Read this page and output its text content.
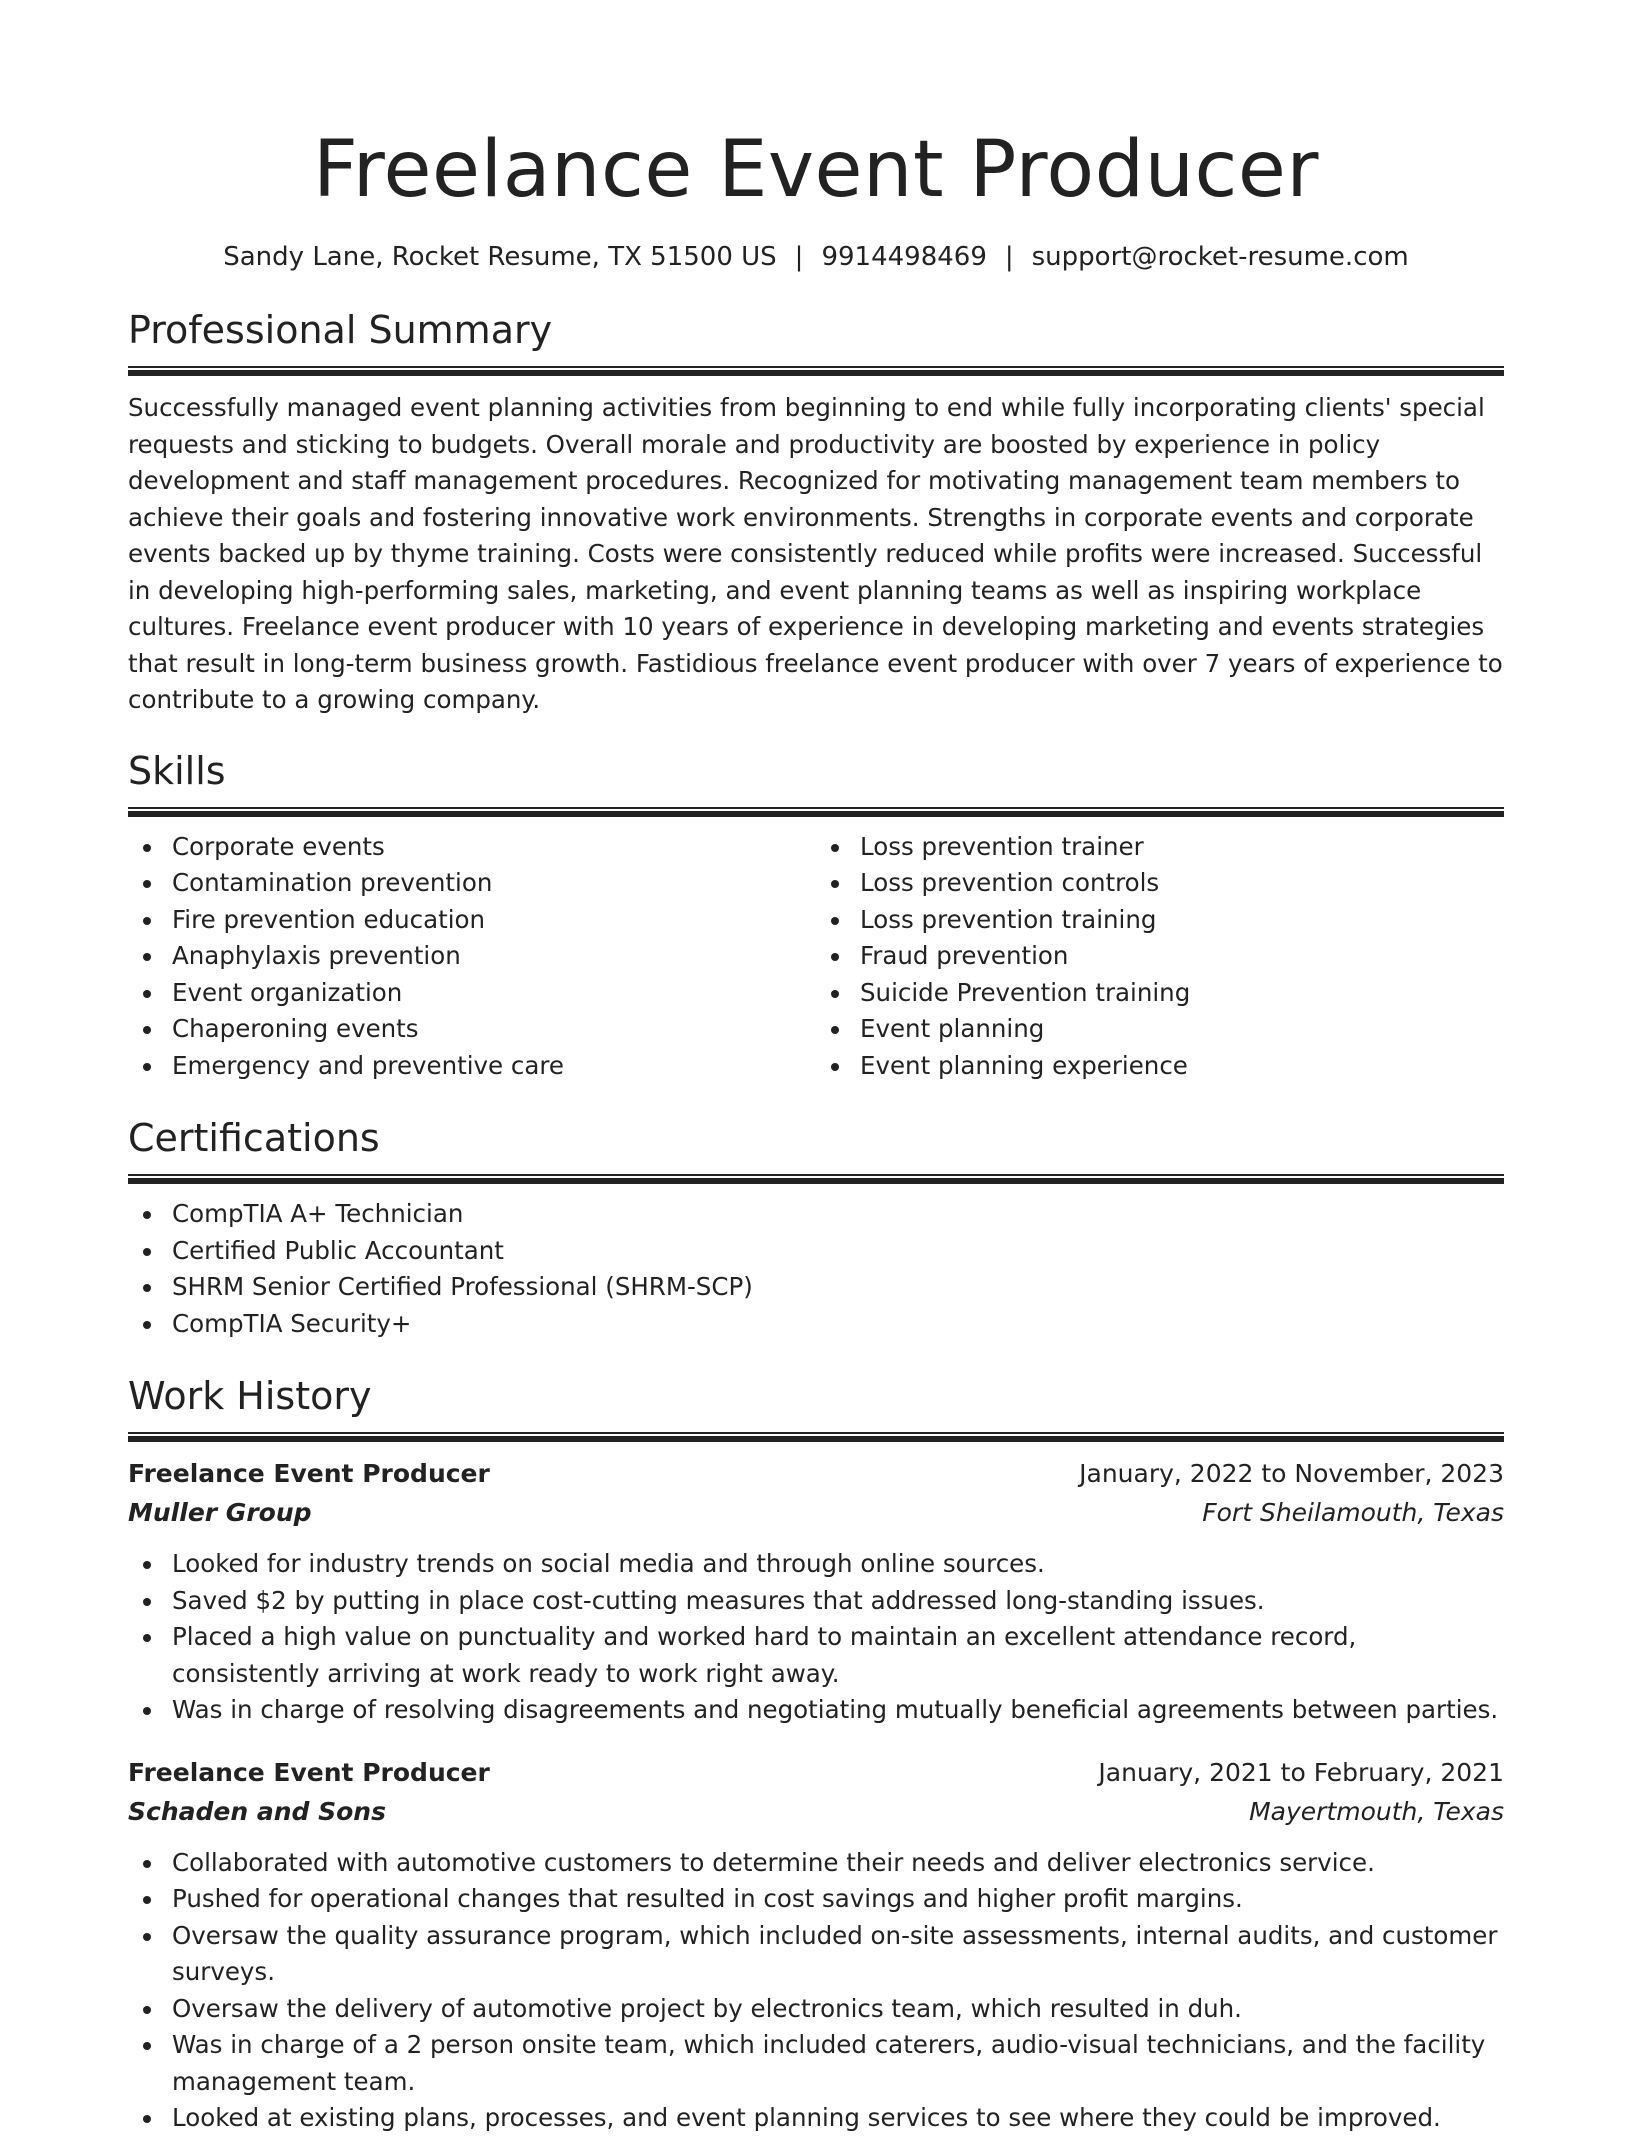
Freelance Event Producer
Sandy Lane, Rocket Resume, TX 51500 US | 9914498469 | support@rocket-resume.com
Professional Summary

Successfully managed event planning activities from beginning to end while fully incorporating clients' special requests and sticking to budgets. Overall morale and productivity are boosted by experience in policy development and staff management procedures. Recognized for motivating management team members to achieve their goals and fostering innovative work environments. Strengths in corporate events and corporate events backed up by thyme training. Costs were consistently reduced while profits were increased. Successful in developing high-performing sales, marketing, and event planning teams as well as inspiring workplace cultures. Freelance event producer with 10 years of experience in developing marketing and events strategies that result in long-term business growth. Fastidious freelance event producer with over 7 years of experience to contribute to a growing company.

Skills
Corporate events
Contamination prevention
Fire prevention education
Anaphylaxis prevention
Event organization
Chaperoning events
Emergency and preventive care
Loss prevention trainer
Loss prevention controls
Loss prevention training
Fraud prevention
Suicide Prevention training
Event planning
Event planning experience
Certifications
CompTIA A+ Technician
Certified Public Accountant
SHRM Senior Certified Professional (SHRM-SCP)
CompTIA Security+
Work History
Freelance Event Producer	January, 2022 to November, 2023
Muller Group	Fort Sheilamouth, Texas
Looked for industry trends on social media and through online sources.
Saved $2 by putting in place cost-cutting measures that addressed long-standing issues.
Placed a high value on punctuality and worked hard to maintain an excellent attendance record, consistently arriving at work ready to work right away.
Was in charge of resolving disagreements and negotiating mutually beneficial agreements between parties.
Freelance Event Producer	January, 2021 to February, 2021
Schaden and Sons	Mayertmouth, Texas
Collaborated with automotive customers to determine their needs and deliver electronics service.
Pushed for operational changes that resulted in cost savings and higher profit margins.
Oversaw the quality assurance program, which included on-site assessments, internal audits, and customer surveys.
Oversaw the delivery of automotive project by electronics team, which resulted in duh.
Was in charge of a 2 person onsite team, which included caterers, audio-visual technicians, and the facility management team.
Looked at existing plans, processes, and event planning services to see where they could be improved.
